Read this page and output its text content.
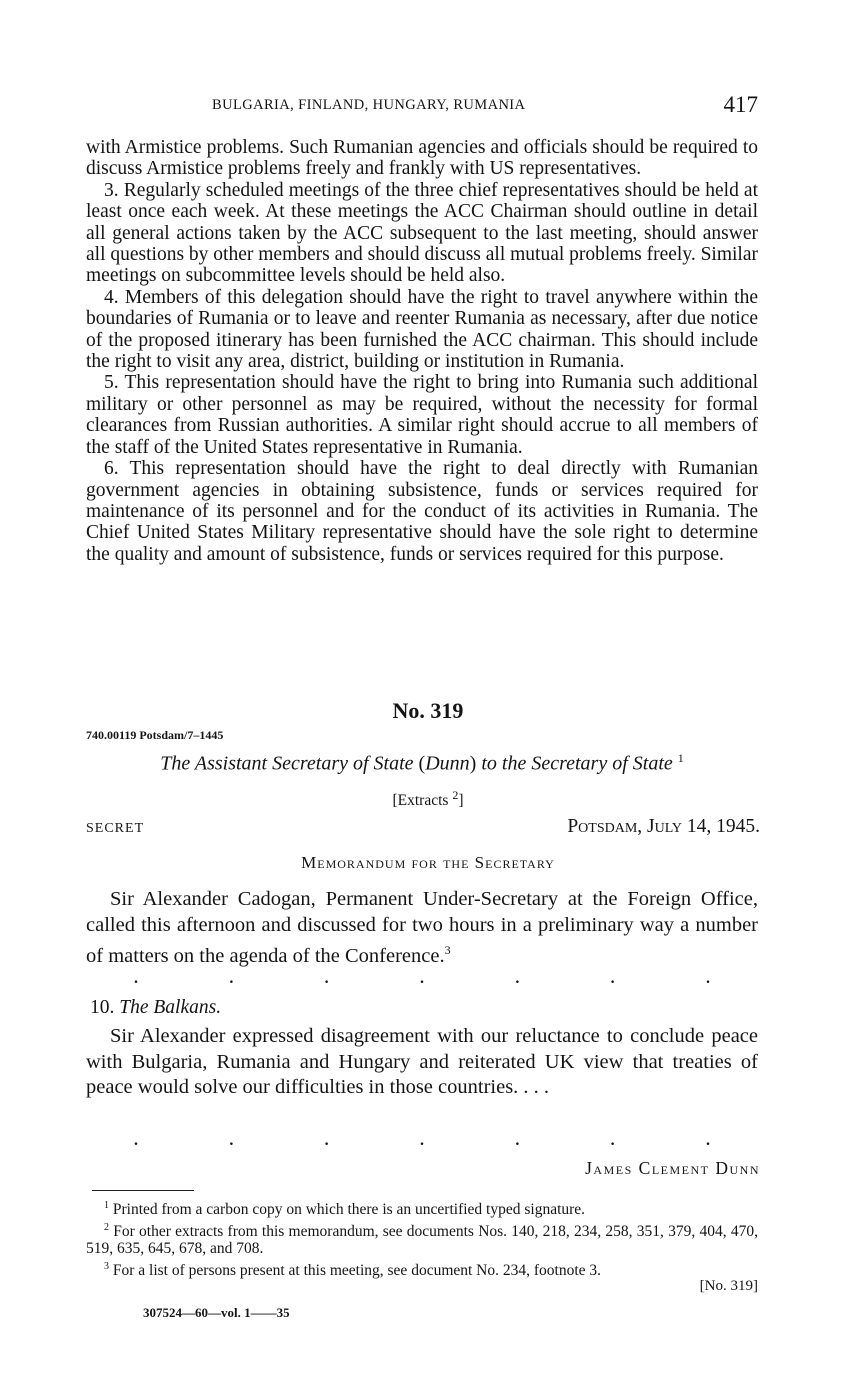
BULGARIA, FINLAND, HUNGARY, RUMANIA	417

with Armistice problems. Such Rumanian agencies and officials should be required to discuss Armistice problems freely and frankly with US representatives.

3. Regularly scheduled meetings of the three chief representatives should be held at least once each week. At these meetings the ACC Chairman should outline in detail all general actions taken by the ACC subsequent to the last meeting, should answer all questions by other members and should discuss all mutual problems freely. Similar meetings on subcommittee levels should be held also.

4. Members of this delegation should have the right to travel anywhere within the boundaries of Rumania or to leave and reenter Rumania as necessary, after due notice of the proposed itinerary has been furnished the ACC chairman. This should include the right to visit any area, district, building or institution in Rumania.

5. This representation should have the right to bring into Rumania such additional military or other personnel as may be required, without the necessity for formal clearances from Russian authorities. A similar right should accrue to all members of the staff of the United States representative in Rumania.

6. This representation should have the right to deal directly with Rumanian government agencies in obtaining subsistence, funds or services required for maintenance of its personnel and for the conduct of its activities in Rumania. The Chief United States Military representative should have the sole right to determine the quality and amount of subsistence, funds or services required for this purpose.

No. 319
740.00119 Potsdam/7–1445
The Assistant Secretary of State (Dunn) to the Secretary of State $^1$
[Extracts $^2$]
SECRET	Potsdam, July 14, 1945.
Memorandum for the Secretary

Sir Alexander Cadogan, Permanent Under-Secretary at the Foreign Office, called this afternoon and discussed for two hours in a preliminary way a number of matters on the agenda of the Conference.$^3$

.	.	.	.	.	.	.
10. The Balkans.

Sir Alexander expressed disagreement with our reluctance to conclude peace with Bulgaria, Rumania and Hungary and reiterated UK view that treaties of peace would solve our difficulties in those countries. . . .

.	.	.	.	.	.	.
James Clement Dunn

$^1$ Printed from a carbon copy on which there is an uncertified typed signature.

$^2$ For other extracts from this memorandum, see documents Nos. 140, 218, 234, 258, 351, 379, 404, 470, 519, 635, 645, 678, and 708.

$^3$ For a list of persons present at this meeting, see document No. 234, footnote 3.

[No. 319]
307524—60—vol. 1——35
